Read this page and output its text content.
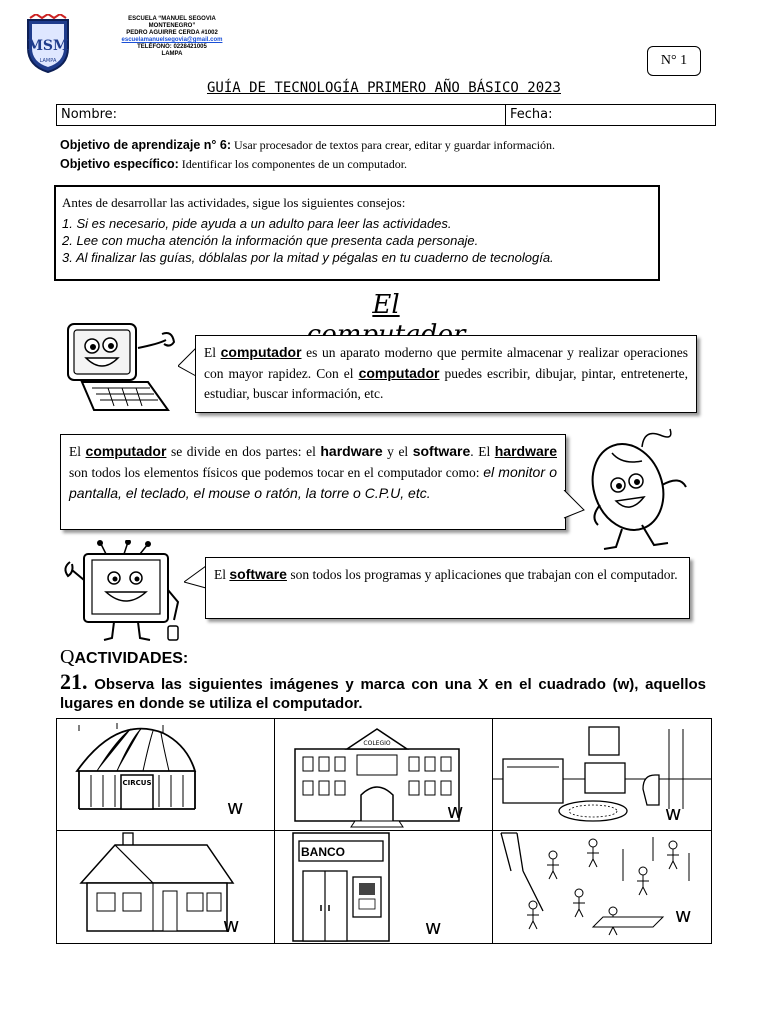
MSM
LAMPA
ESCUELA “MANUEL SEGOVIA
MONTENEGRO”
PEDRO AGUIRRE CERDA #1002
escuelamanuelsegovia@gmail.com
TELÉFONO: 0228421005
LAMPA	N° 1
GUÍA DE TECNOLOGÍA PRIMERO AÑO BÁSICO 2023
Nombre:	Fecha:
Objetivo de aprendizaje n° 6: Usar procesador de textos para crear, editar y guardar información.
Objetivo específico: Identificar los componentes de un computador.
Antes de desarrollar las actividades, sigue los siguientes consejos:
1. Si es necesario, pide ayuda a un adulto para leer las actividades.
2. Lee con mucha atención la información que presenta cada personaje.
3. Al finalizar las guías, dóblalas por la mitad y pégalas en tu cuaderno de tecnología.
El
El computador es un aparato moderno que permite almacenar y realizar operaciones con mayor rapidez. Con el computador puedes escribir, dibujar, pintar, entretenerte, estudiar, buscar información, etc.
El computador se divide en dos partes: el hardware y el software. El hardware son todos los elementos físicos que podemos tocar en el computador como: el monitor o pantalla, el teclado, el mouse o ratón, la torre o C.P.U, etc.
El software son todos los programas y aplicaciones que trabajan con el computador.
QACTIVIDADES:
21. Observa las siguientes imágenes y marca con una X en el cuadrado (w), aquellos lugares en donde se utiliza el computador.
CIRCUS
w
COLEGIO
w	w
w
BANCO
w	w
